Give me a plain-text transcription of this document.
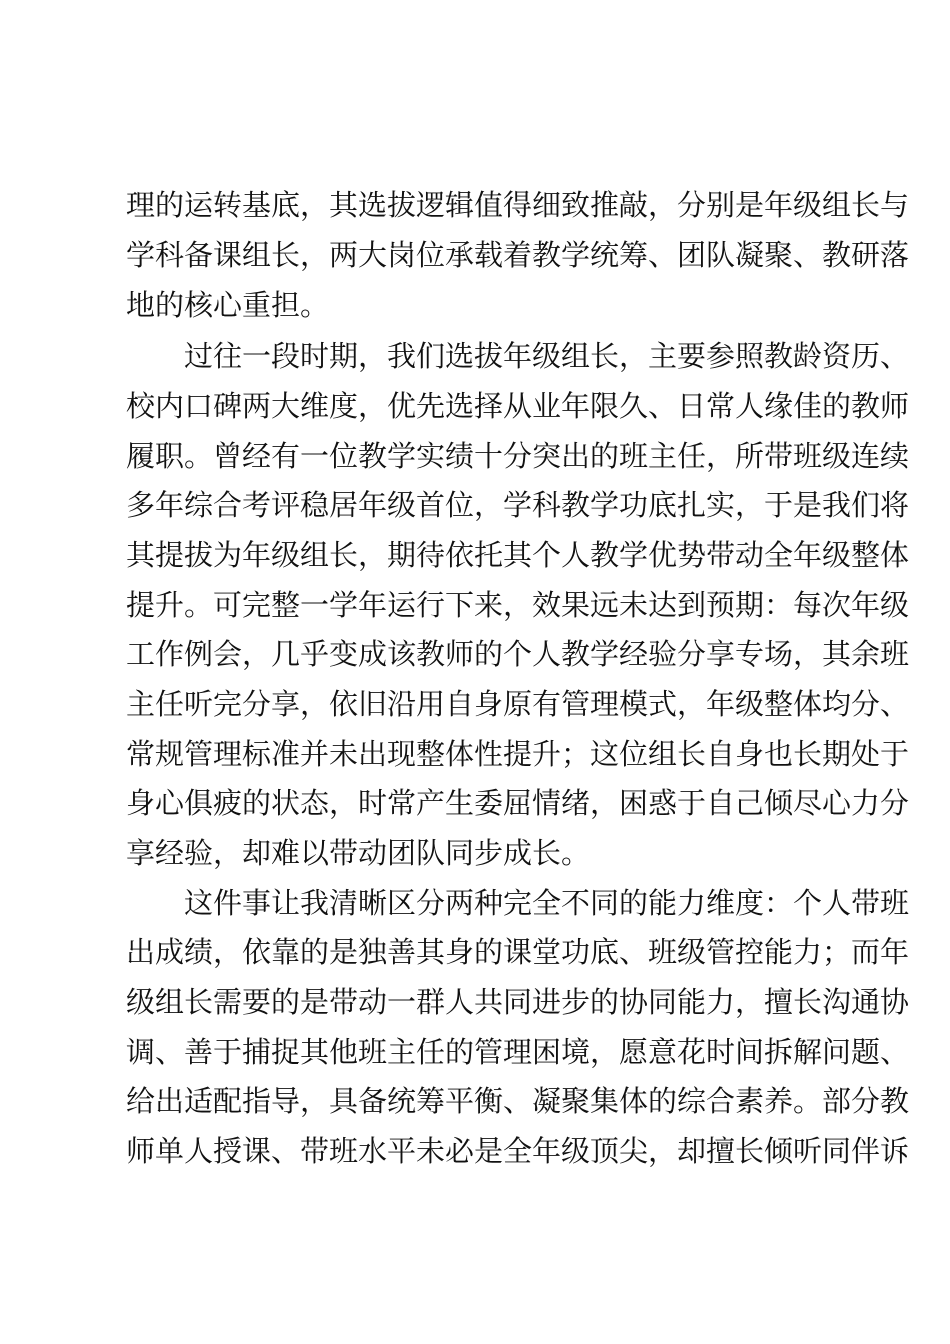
理的运转基底，其选拔逻辑值得细致推敲，分别是年级组长与
学科备课组长，两大岗位承载着教学统筹、团队凝聚、教研落
地的核心重担。
过往一段时期，我们选拔年级组长，主要参照教龄资历、
校内口碑两大维度，优先选择从业年限久、日常人缘佳的教师
履职。曾经有一位教学实绩十分突出的班主任，所带班级连续
多年综合考评稳居年级首位，学科教学功底扎实，于是我们将
其提拔为年级组长，期待依托其个人教学优势带动全年级整体
提升。可完整一学年运行下来，效果远未达到预期：每次年级
工作例会，几乎变成该教师的个人教学经验分享专场，其余班
主任听完分享，依旧沿用自身原有管理模式，年级整体均分、
常规管理标准并未出现整体性提升；这位组长自身也长期处于
身心俱疲的状态，时常产生委屈情绪，困惑于自己倾尽心力分
享经验，却难以带动团队同步成长。
这件事让我清晰区分两种完全不同的能力维度：个人带班
出成绩，依靠的是独善其身的课堂功底、班级管控能力；而年
级组长需要的是带动一群人共同进步的协同能力，擅长沟通协
调、善于捕捉其他班主任的管理困境，愿意花时间拆解问题、
给出适配指导，具备统筹平衡、凝聚集体的综合素养。部分教
师单人授课、带班水平未必是全年级顶尖，却擅长倾听同伴诉
